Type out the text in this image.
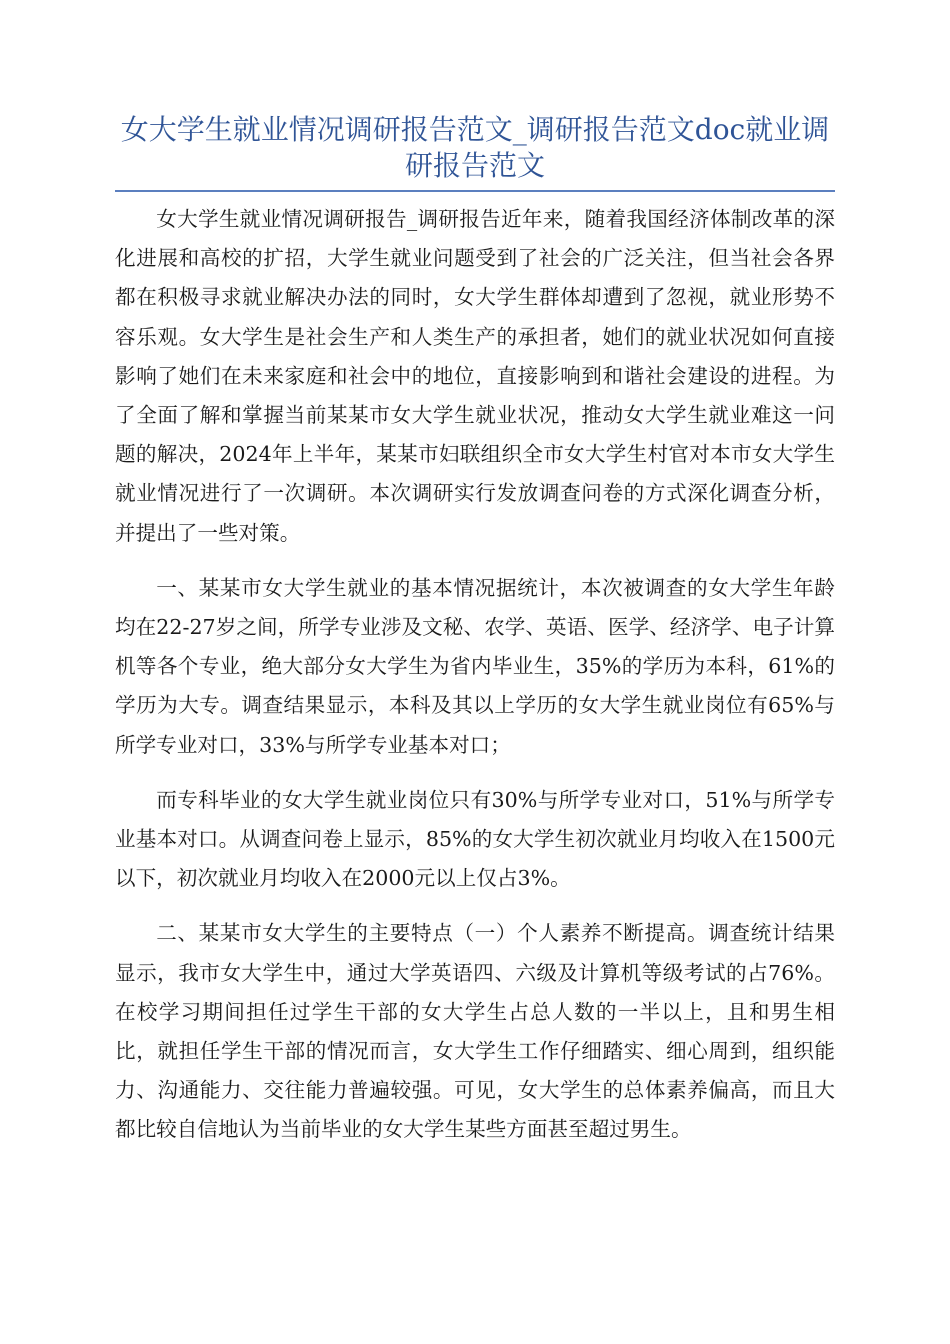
女大学生就业情况调研报告范文_调研报告范文doc就业调研报告范文

女大学生就业情况调研报告_调研报告近年来，随着我国经济体制改革的深化进展和高校的扩招，大学生就业问题受到了社会的广泛关注，但当社会各界都在积极寻求就业解决办法的同时，女大学生群体却遭到了忽视，就业形势不容乐观。女大学生是社会生产和人类生产的承担者，她们的就业状况如何直接影响了她们在未来家庭和社会中的地位，直接影响到和谐社会建设的进程。为了全面了解和掌握当前某某市女大学生就业状况，推动女大学生就业难这一问题的解决，2024年上半年，某某市妇联组织全市女大学生村官对本市女大学生就业情况进行了一次调研。本次调研实行发放调查问卷的方式深化调查分析，并提出了一些对策。

一、某某市女大学生就业的基本情况据统计，本次被调查的女大学生年龄均在22-27岁之间，所学专业涉及文秘、农学、英语、医学、经济学、电子计算机等各个专业，绝大部分女大学生为省内毕业生，35%的学历为本科，61%的学历为大专。调查结果显示，本科及其以上学历的女大学生就业岗位有65%与所学专业对口，33%与所学专业基本对口；

而专科毕业的女大学生就业岗位只有30%与所学专业对口，51%与所学专业基本对口。从调查问卷上显示，85%的女大学生初次就业月均收入在1500元以下，初次就业月均收入在2000元以上仅占3%。

二、某某市女大学生的主要特点（一）个人素养不断提高。调查统计结果显示，我市女大学生中，通过大学英语四、六级及计算机等级考试的占76%。在校学习期间担任过学生干部的女大学生占总人数的一半以上，且和男生相比，就担任学生干部的情况而言，女大学生工作仔细踏实、细心周到，组织能力、沟通能力、交往能力普遍较强。可见，女大学生的总体素养偏高，而且大都比较自信地认为当前毕业的女大学生某些方面甚至超过男生。
